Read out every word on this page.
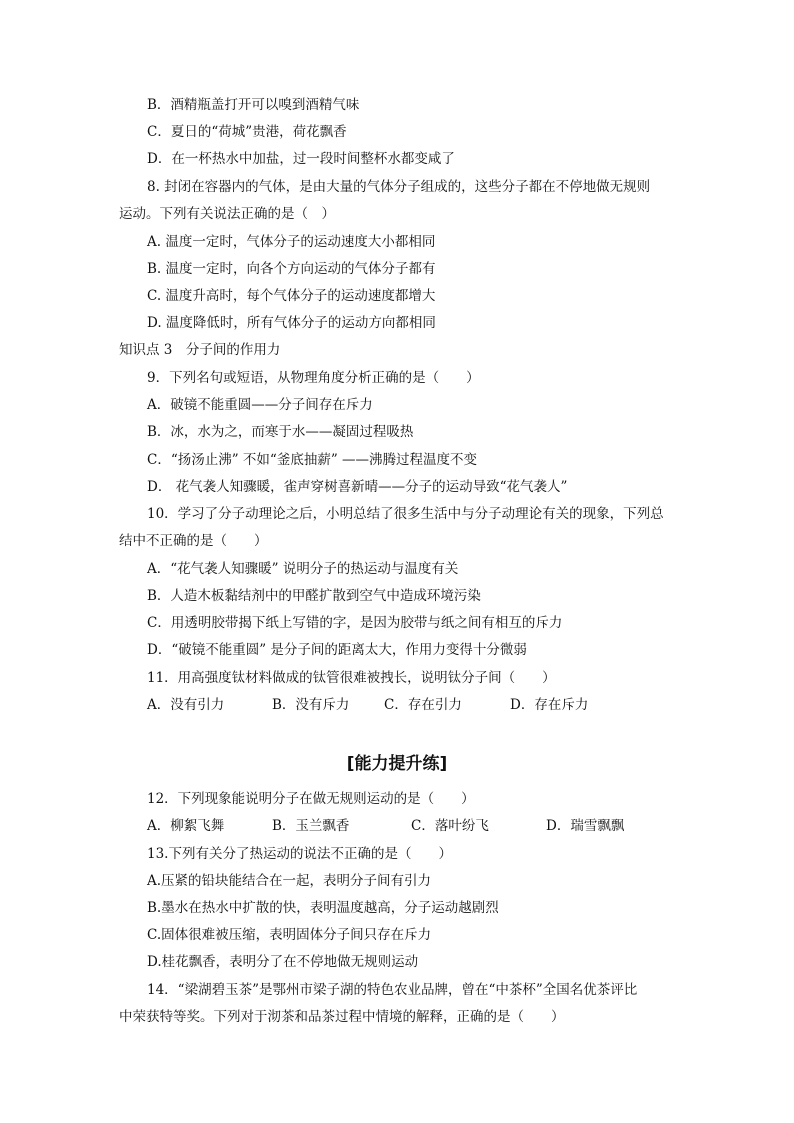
B．酒精瓶盖打开可以嗅到酒精气味
C．夏日的“荷城”贵港，荷花飘香
D．在一杯热水中加盐，过一段时间整杯水都变咸了
8. 封闭在容器内的气体，是由大量的气体分子组成的，这些分子都在不停地做无规则
运动。下列有关说法正确的是（　）
A. 温度一定时，气体分子的运动速度大小都相同
B. 温度一定时，向各个方向运动的气体分子都有
C. 温度升高时，每个气体分子的运动速度都增大
D. 温度降低时，所有气体分子的运动方向都相同
知识点 3　分子间的作用力
9．下列名句或短语，从物理角度分析正确的是（　　）
A．破镜不能重圆——分子间存在斥力
B．冰，水为之，而寒于水——凝固过程吸热
C．“扬汤止沸” 不如“釜底抽薪” ——沸腾过程温度不变
D． 花气袭人知骤暖，雀声穿树喜新晴——分子的运动导致“花气袭人”
10．学习了分子动理论之后，小明总结了很多生活中与分子动理论有关的现象，下列总
结中不正确的是（　　）
A．“花气袭人知骤暖” 说明分子的热运动与温度有关
B．人造木板黏结剂中的甲醛扩散到空气中造成环境污染
C．用透明胶带揭下纸上写错的字，是因为胶带与纸之间有相互的斥力
D．“破镜不能重圆” 是分子间的距离太大，作用力变得十分微弱
11．用高强度钛材料做成的钛管很难被拽长，说明钛分子间（　　）
A．没有引力	B．没有斥力	C．存在引力	D．存在斥力
[能力提升练]
12．下列现象能说明分子在做无规则运动的是（　　）
A．柳絮飞舞	B．玉兰飘香	C．落叶纷飞	D．瑞雪飘飘
13.下列有关分了热运动的说法不正确的是（　　）
A.压紧的铅块能结合在一起，表明分子间有引力
B.墨水在热水中扩散的快，表明温度越高，分子运动越剧烈
C.固体很难被压缩，表明固体分子间只存在斥力
D.桂花飘香，表明分了在不停地做无规则运动
14．“梁湖碧玉茶”是鄂州市梁子湖的特色农业品牌，曾在“中茶杯”全国名优茶评比
中荣获特等奖。下列对于沏茶和品茶过程中情境的解释，正确的是（　　）
